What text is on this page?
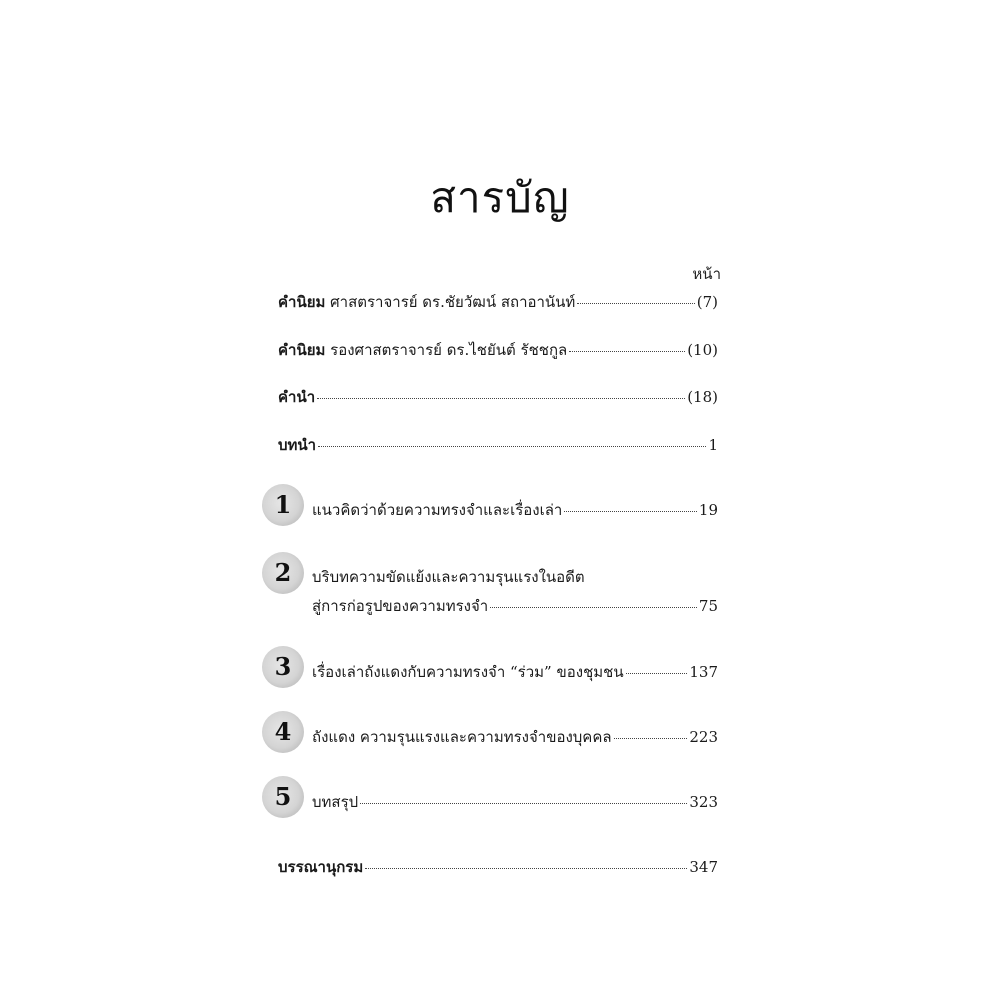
สารบัญ
หน้า
คำนิยม ศาสตราจารย์ ดร.ชัยวัฒน์ สถาอานันท์	(7)
คำนิยม รองศาสตราจารย์ ดร.ไชยันต์ รัชชกูล	(10)
คำนำ	(18)
บทนำ	1
1	แนวคิดว่าด้วยความทรงจำและเรื่องเล่า	19
2	บริบทความขัดแย้งและความรุนแรงในอดีต
สู่การก่อรูปของความทรงจำ	75
3	เรื่องเล่าถังแดงกับความทรงจำ “ร่วม” ของชุมชน	137
4	ถังแดง ความรุนแรงและความทรงจำของบุคคล	223
5	บทสรุป	323
บรรณานุกรม	347
